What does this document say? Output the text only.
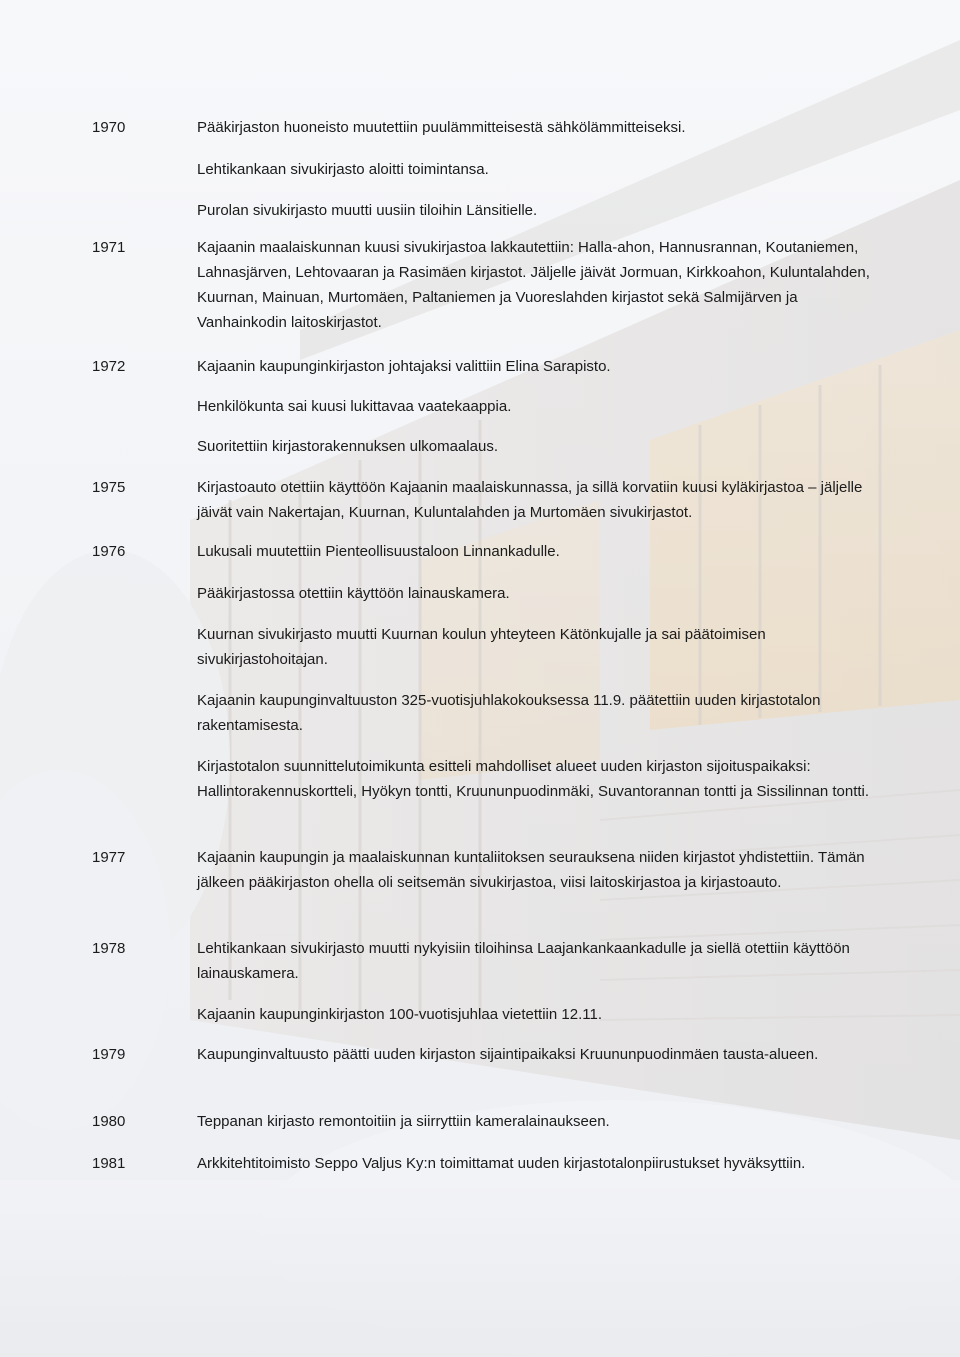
1970	Pääkirjaston huoneisto muutettiin puulämmitteisestä sähkölämmitteiseksi.
Lehtikankaan sivukirjasto aloitti toimintansa.
Purolan sivukirjasto muutti uusiin tiloihin Länsitielle.
1971	Kajaanin maalaiskunnan kuusi sivukirjastoa lakkautettiin: Halla-ahon, Hannusrannan, Koutaniemen, Lahnasjärven, Lehtovaaran ja Rasimäen kirjastot. Jäljelle jäivät Jormuan, Kirkkoahon, Kuluntalahden, Kuurnan, Mainuan, Murtomäen, Paltaniemen ja Vuoreslahden kirjastot sekä Salmijärven ja Vanhainkodin laitoskirjastot.
1972	Kajaanin kaupunginkirjaston johtajaksi valittiin Elina Sarapisto.
Henkilökunta sai kuusi lukittavaa vaatekaappia.
Suoritettiin kirjastorakennuksen ulkomaalaus.
1975	Kirjastoauto otettiin käyttöön Kajaanin maalaiskunnassa, ja sillä korvatiin kuusi kyläkirjastoa – jäljelle jäivät vain Nakertajan, Kuurnan, Kuluntalahden ja Murtomäen sivukirjastot.
1976	Lukusali muutettiin Pienteollisuustaloon Linnankadulle.
Pääkirjastossa otettiin käyttöön lainauskamera.
Kuurnan sivukirjasto muutti Kuurnan koulun yhteyteen Kätönkujalle ja sai päätoimisen sivukirjastohoitajan.
Kajaanin kaupunginvaltuuston 325-vuotisjuhlakokouksessa 11.9. päätettiin uuden kirjastotalon rakentamisesta.
Kirjastotalon suunnittelutoimikunta esitteli mahdolliset alueet uuden kirjaston sijoituspaikaksi: Hallintorakennuskortteli, Hyökyn tontti, Kruununpuodinmäki, Suvantorannan tontti ja Sissilinnan tontti.
1977	Kajaanin kaupungin ja maalaiskunnan kuntaliitoksen seurauksena niiden kirjastot yhdistettiin. Tämän jälkeen pääkirjaston ohella oli seitsemän sivukirjastoa, viisi laitoskirjastoa ja kirjastoauto.
1978	Lehtikankaan sivukirjasto muutti nykyisiin tiloihinsa Laajankankaankadulle ja siellä otettiin käyttöön lainauskamera.
Kajaanin kaupunginkirjaston 100-vuotisjuhlaa vietettiin 12.11.
1979	Kaupunginvaltuusto päätti uuden kirjaston sijaintipaikaksi Kruununpuodinmäen tausta-alueen.
1980	Teppanan kirjasto remontoitiin ja siirryttiin kameralainaukseen.
1981	Arkkitehtitoimisto Seppo Valjus Ky:n toimittamat uuden kirjastotalonpiirustukset hyväksyttiin.
